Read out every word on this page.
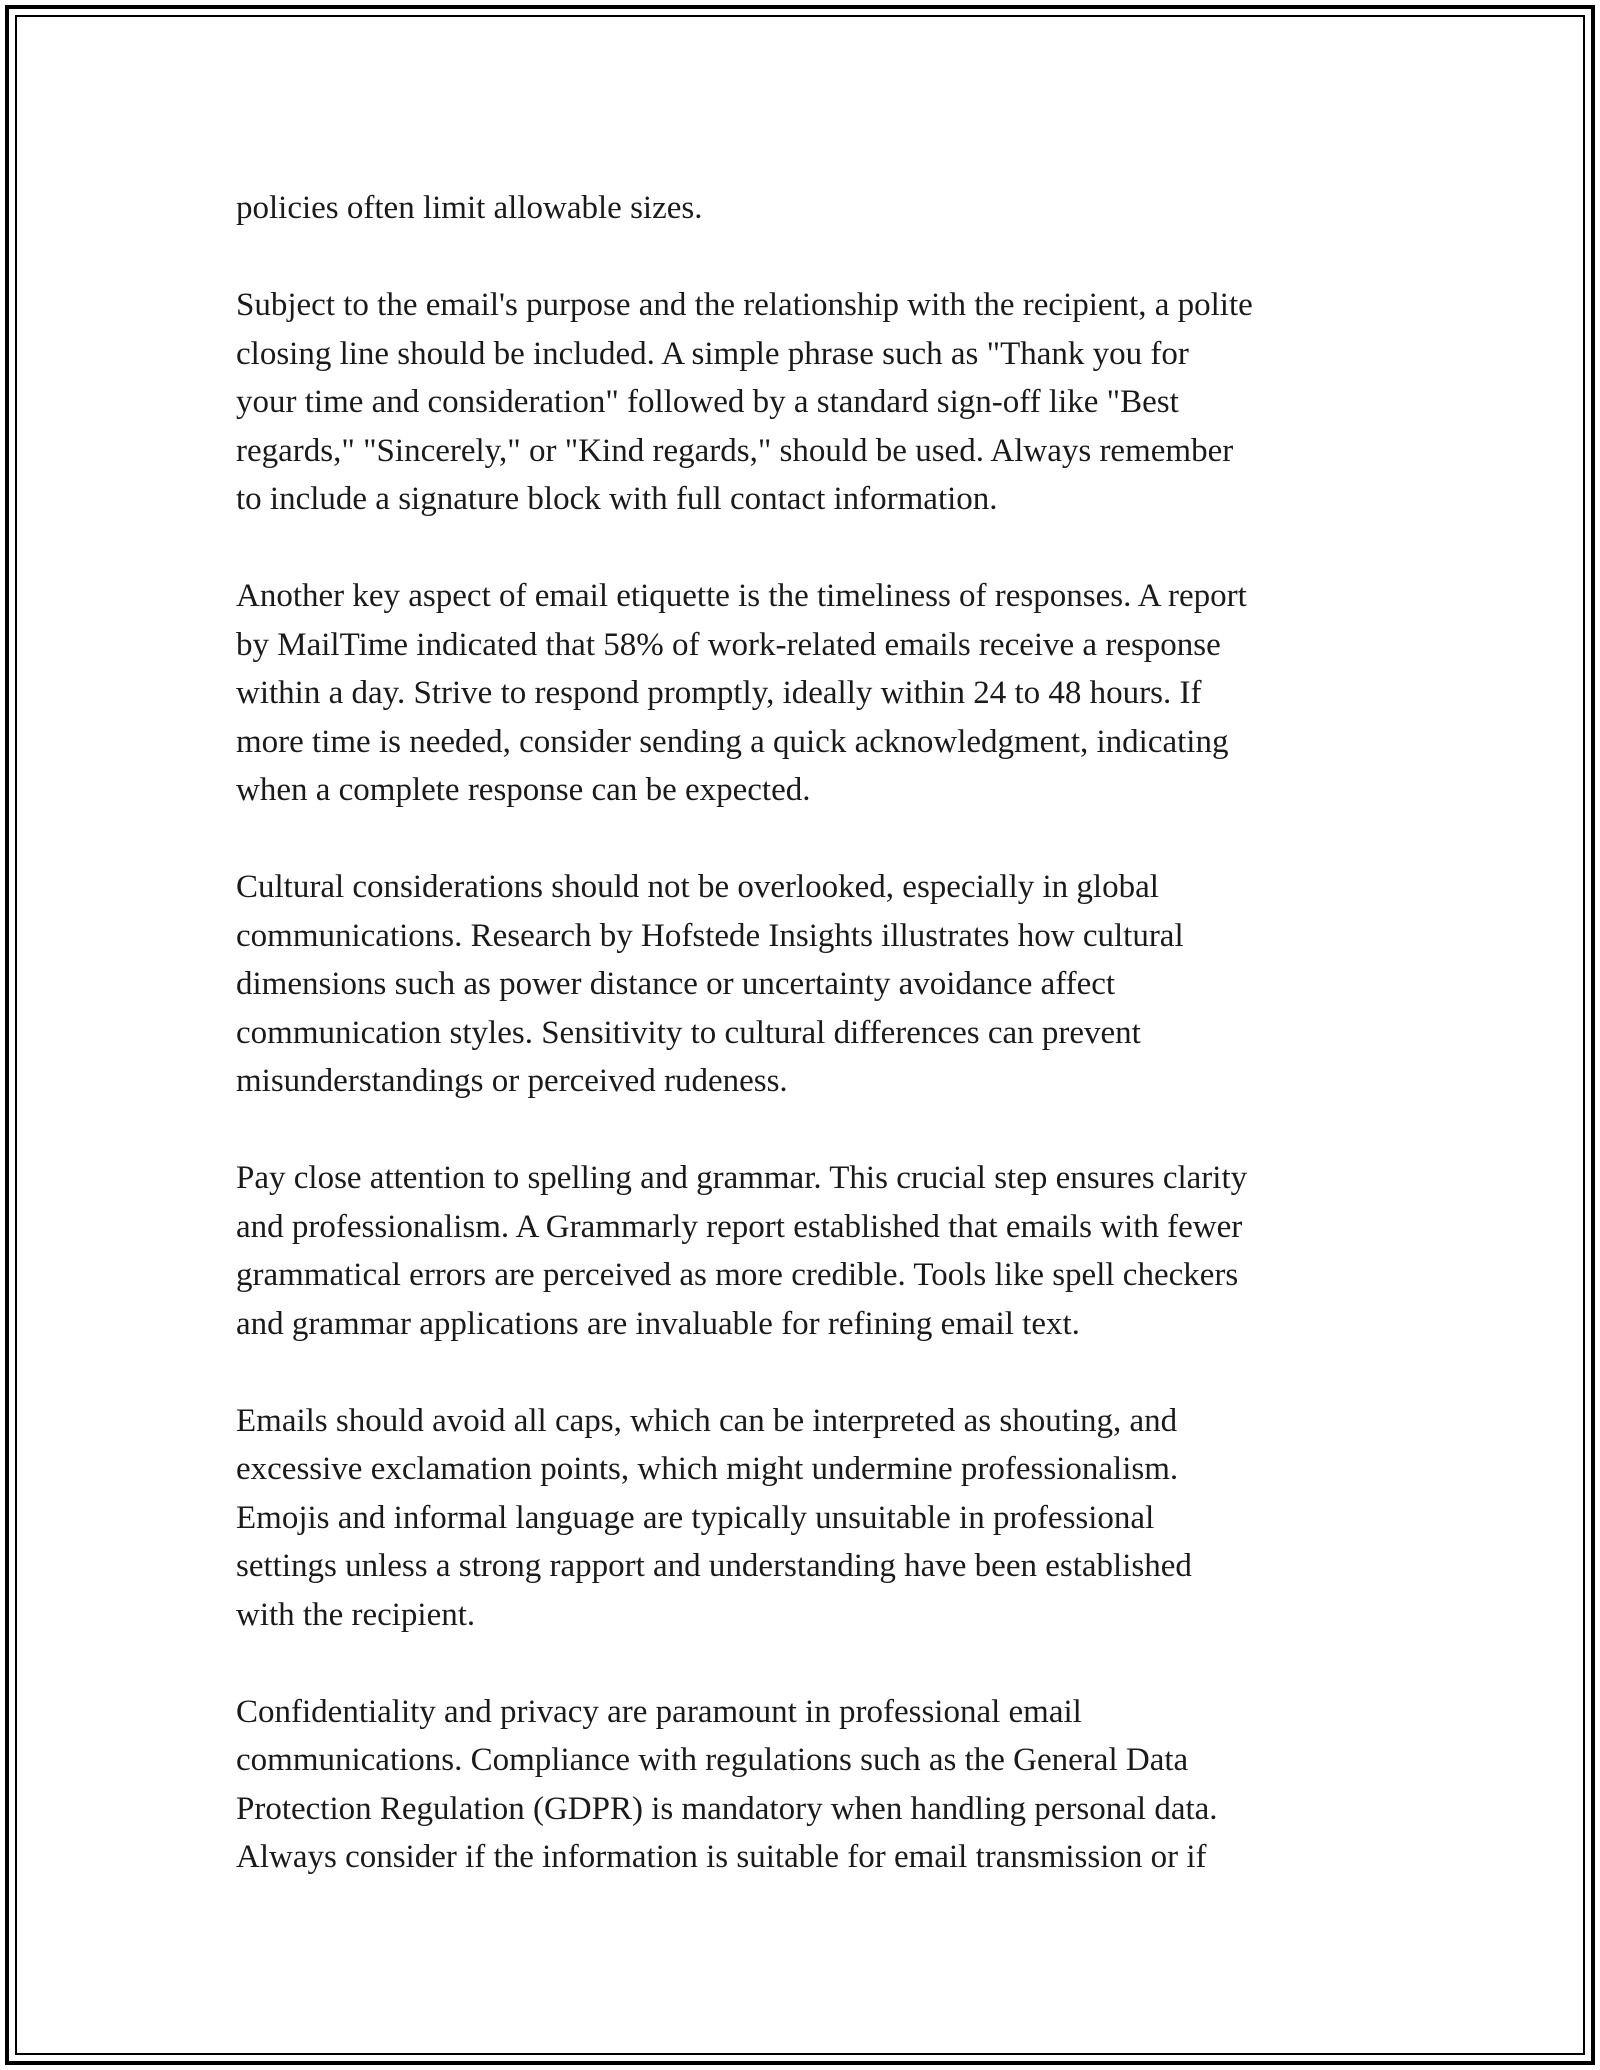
policies often limit allowable sizes.

Subject to the email's purpose and the relationship with the recipient, a polite
closing line should be included. A simple phrase such as "Thank you for
your time and consideration" followed by a standard sign-off like "Best
regards," "Sincerely," or "Kind regards," should be used. Always remember
to include a signature block with full contact information.

Another key aspect of email etiquette is the timeliness of responses. A report
by MailTime indicated that 58% of work-related emails receive a response
within a day. Strive to respond promptly, ideally within 24 to 48 hours. If
more time is needed, consider sending a quick acknowledgment, indicating
when a complete response can be expected.

Cultural considerations should not be overlooked, especially in global
communications. Research by Hofstede Insights illustrates how cultural
dimensions such as power distance or uncertainty avoidance affect
communication styles. Sensitivity to cultural differences can prevent
misunderstandings or perceived rudeness.

Pay close attention to spelling and grammar. This crucial step ensures clarity
and professionalism. A Grammarly report established that emails with fewer
grammatical errors are perceived as more credible. Tools like spell checkers
and grammar applications are invaluable for refining email text.

Emails should avoid all caps, which can be interpreted as shouting, and
excessive exclamation points, which might undermine professionalism.
Emojis and informal language are typically unsuitable in professional
settings unless a strong rapport and understanding have been established
with the recipient.

Confidentiality and privacy are paramount in professional email
communications. Compliance with regulations such as the General Data
Protection Regulation (GDPR) is mandatory when handling personal data.
Always consider if the information is suitable for email transmission or if
